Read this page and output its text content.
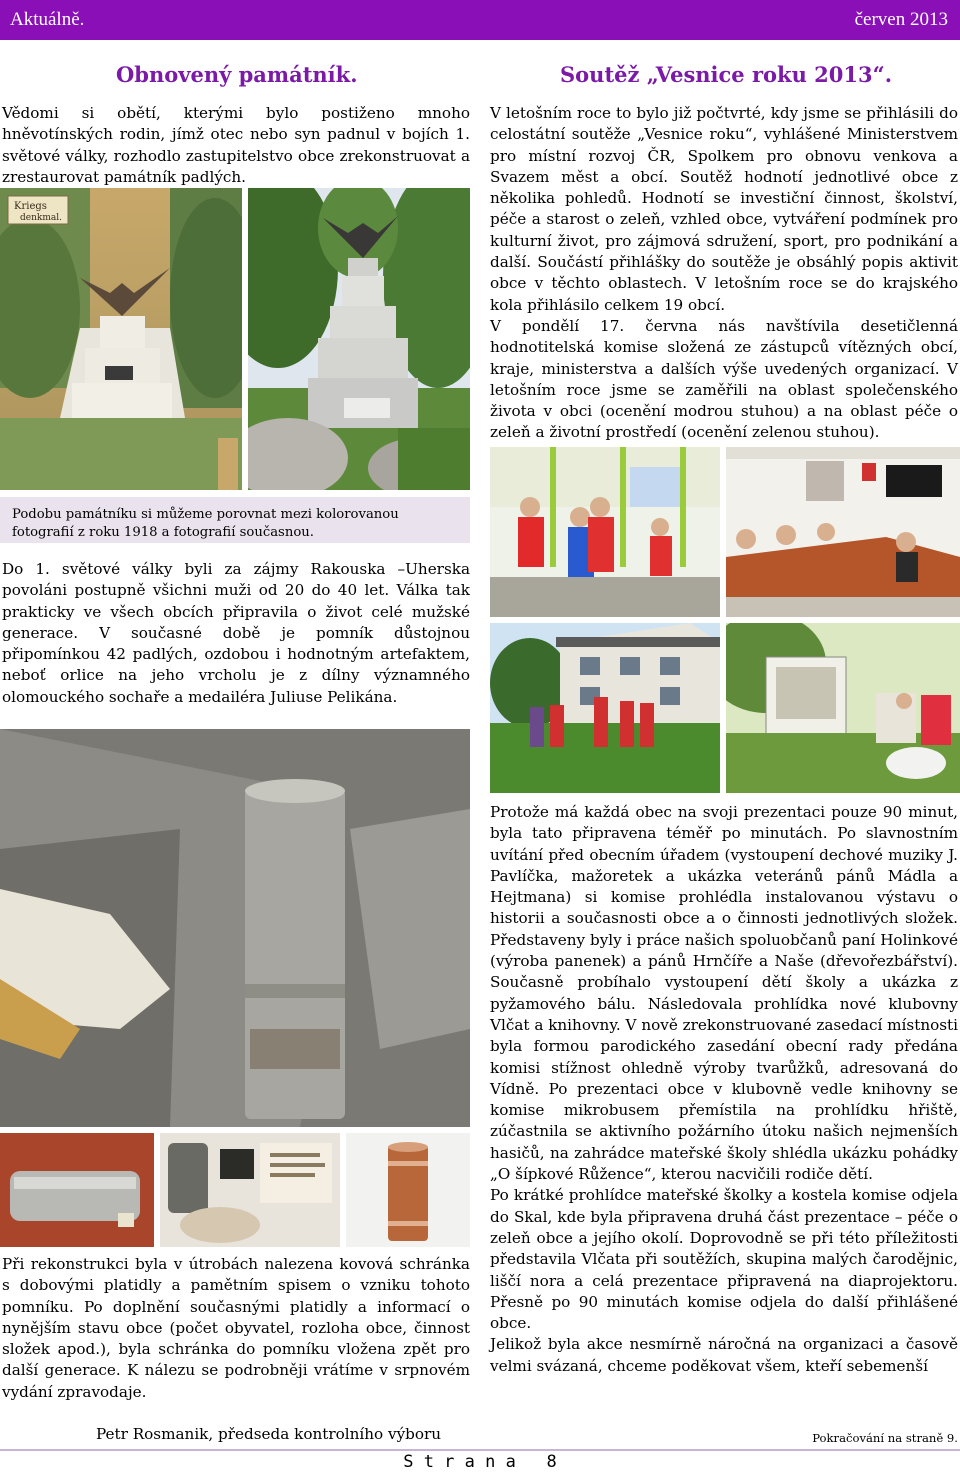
Aktuálně.	červen 2013
Obnovený památník.

Vědomi si obětí, kterými bylo postiženo mnoho hněvotínských rodin, jímž otec nebo syn padnul v bojích 1. světové války, rozhodlo zastupitelstvo obce zrekonstruovat a zrestaurovat památník padlých.

Kriegs
denkmal.
Podobu památníku si můžeme porovnat mezi kolorovanou fotografií z roku 1918 a fotografií současnou.

Do 1. světové války byli za zájmy Rakouska –Uherska povoláni postupně všichni muži od 20 do 40 let. Válka tak prakticky ve všech obcích připravila o život celé mužské generace. V současné době je pomník důstojnou připomínkou 42 padlých, ozdobou i hodnotným artefaktem, neboť orlice na jeho vrcholu je z dílny významného olomouckého sochaře a medailéra Juliuse Pelikána.

Při rekonstrukci byla v útrobách nalezena kovová schránka s dobovými platidly a pamětním spisem o vzniku tohoto pomníku. Po doplnění současnými platidly a informací o nynějším stavu obce (počet obyvatel, rozloha obce, činnost složek apod.), byla schránka do pomníku vložena zpět pro další generace. K nálezu se podrobněji vrátíme v srpnovém vydání zpravodaje.

Petr Rosmanik, předseda kontrolního výboru
Soutěž „Vesnice roku 2013“.

V letošním roce to bylo již počtvrté, kdy jsme se přihlásili do celostátní soutěže „Vesnice roku“, vyhlášené Ministerstvem pro místní rozvoj ČR, Spolkem pro obnovu venkova a Svazem měst a obcí. Soutěž hodnotí jednotlivé obce z několika pohledů. Hodnotí se investiční činnost, školství, péče a starost o zeleň, vzhled obce, vytváření podmínek pro kulturní život, pro zájmová sdružení, sport, pro podnikání a další. Součástí přihlášky do soutěže je obsáhlý popis aktivit obce v těchto oblastech. V letošním roce se do krajského kola přihlásilo celkem 19 obcí.

V pondělí 17. června nás navštívila desetičlenná hodnotitelská komise složená ze zástupců vítězných obcí, kraje, ministerstva a dalších výše uvedených organizací. V letošním roce jsme se zaměřili na oblast společenského života v obci (ocenění modrou stuhou) a na oblast péče o zeleň a životní prostředí (ocenění zelenou stuhou).

Protože má každá obec na svoji prezentaci pouze 90 minut, byla tato připravena téměř po minutách. Po slavnostním uvítání před obecním úřadem (vystoupení dechové muziky J. Pavlíčka, mažoretek a ukázka veteránů pánů Mádla a Hejtmana) si komise prohlédla instalovanou výstavu o historii a současnosti obce a o činnosti jednotlivých složek. Představeny byly i práce našich spoluobčanů paní Holinkové (výroba panenek) a pánů Hrnčíře a Naše (dřevořezbářství). Současně probíhalo vystoupení dětí školy a ukázka z pyžamového bálu. Následovala prohlídka nové klubovny Vlčat a knihovny. V nově zrekonstruované zasedací místnosti byla formou parodického zasedání obecní rady předána komisi stížnost ohledně výroby tvarůžků, adresovaná do Vídně. Po prezentaci obce v klubovně vedle knihovny se komise mikrobusem přemístila na prohlídku hřiště, zúčastnila se aktivního požárního útoku našich nejmenších hasičů, na zahrádce mateřské školy shlédla ukázku pohádky „O šípkové Růžence“, kterou nacvičili rodiče dětí.

Po krátké prohlídce mateřské školky a kostela komise odjela do Skal, kde byla připravena druhá část prezentace – péče o zeleň obce a jejího okolí. Doprovodně se při této příležitosti představila Vlčata při soutěžích, skupina malých čarodějnic, liščí nora a celá prezentace připravená na diaprojektoru. Přesně po 90 minutách komise odjela do další přihlášené obce.

Jelikož byla akce nesmírně náročná na organizaci a časově velmi svázaná, chceme poděkovat všem, kteří sebemenší

Pokračování na straně 9.
S t r a n a   8
